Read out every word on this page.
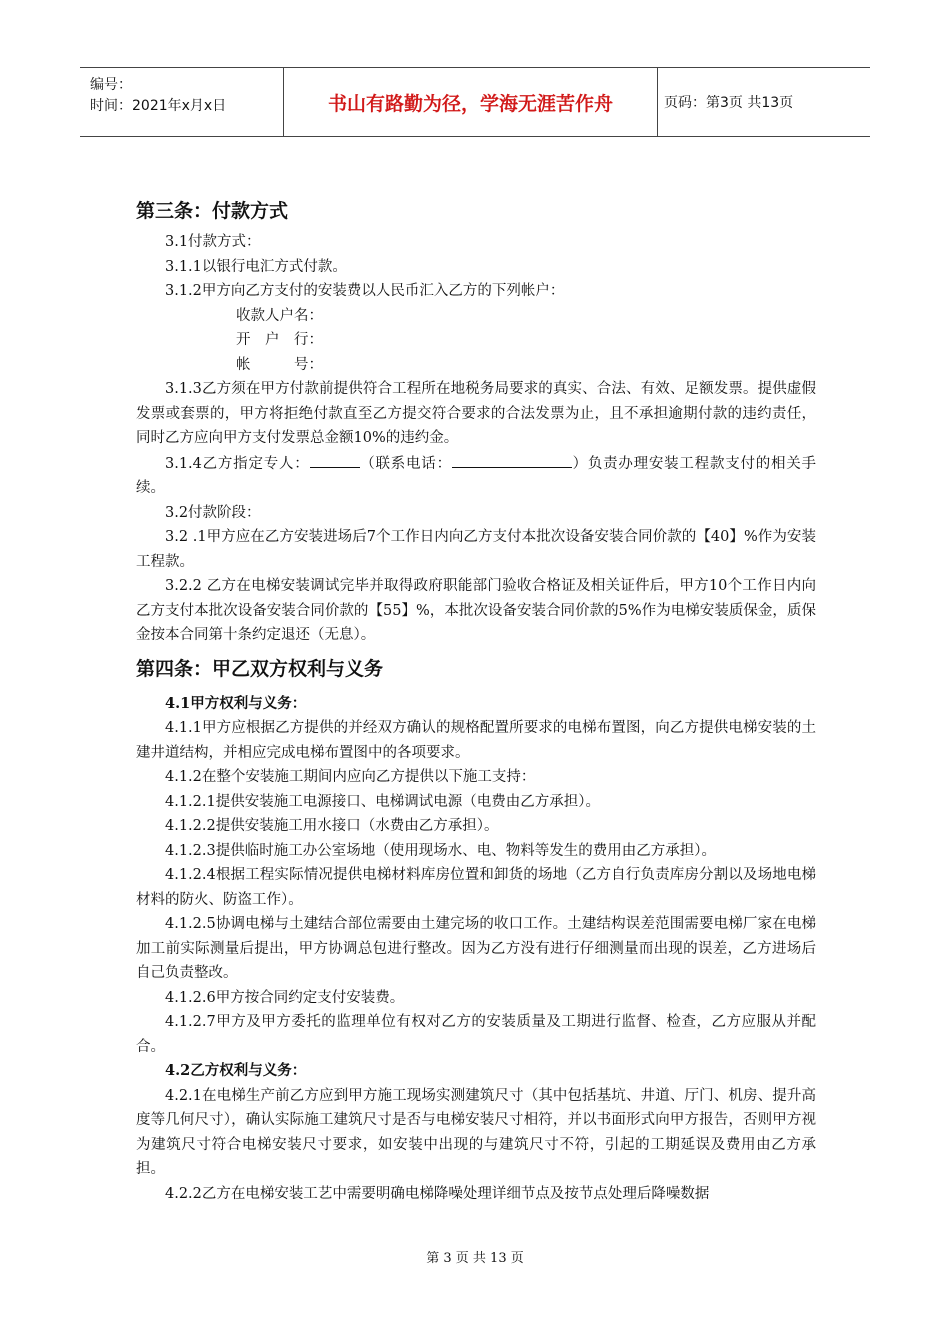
编号：
时间：2021年x月x日	书山有路勤为径，学海无涯苦作舟	页码：第3页 共13页
第三条：付款方式

3.1付款方式：

3.1.1以银行电汇方式付款。

3.1.2甲方向乙方支付的安装费以人民币汇入乙方的下列帐户：

收款人户名：

开　户　行：

帐　　　号：

3.1.3乙方须在甲方付款前提供符合工程所在地税务局要求的真实、合法、有效、足额发票。提供虚假发票或套票的，甲方将拒绝付款直至乙方提交符合要求的合法发票为止，且不承担逾期付款的违约责任，同时乙方应向甲方支付发票总金额10%的违约金。

3.1.4乙方指定专人：	（联系电话：	）负责办理安装工程款支付的相关手续。

3.2付款阶段：

3.2 .1甲方应在乙方安装进场后7个工作日内向乙方支付本批次设备安装合同价款的【40】%作为安装工程款。

3.2.2 乙方在电梯安装调试完毕并取得政府职能部门验收合格证及相关证件后，甲方10个工作日内向乙方支付本批次设备安装合同价款的【55】%，本批次设备安装合同价款的5%作为电梯安装质保金，质保金按本合同第十条约定退还（无息）。

第四条：甲乙双方权利与义务

4.1甲方权利与义务：

4.1.1甲方应根据乙方提供的并经双方确认的规格配置所要求的电梯布置图，向乙方提供电梯安装的土建井道结构，并相应完成电梯布置图中的各项要求。

4.1.2在整个安装施工期间内应向乙方提供以下施工支持：

4.1.2.1提供安装施工电源接口、电梯调试电源（电费由乙方承担）。

4.1.2.2提供安装施工用水接口（水费由乙方承担）。

4.1.2.3提供临时施工办公室场地（使用现场水、电、物料等发生的费用由乙方承担）。

4.1.2.4根据工程实际情况提供电梯材料库房位置和卸货的场地（乙方自行负责库房分割以及场地电梯材料的防火、防盗工作）。

4.1.2.5协调电梯与土建结合部位需要由土建完场的收口工作。土建结构误差范围需要电梯厂家在电梯加工前实际测量后提出，甲方协调总包进行整改。因为乙方没有进行仔细测量而出现的误差，乙方进场后自己负责整改。

4.1.2.6甲方按合同约定支付安装费。

4.1.2.7甲方及甲方委托的监理单位有权对乙方的安装质量及工期进行监督、检查，乙方应服从并配合。

4.2乙方权利与义务：

4.2.1在电梯生产前乙方应到甲方施工现场实测建筑尺寸（其中包括基坑、井道、厅门、机房、提升高度等几何尺寸），确认实际施工建筑尺寸是否与电梯安装尺寸相符，并以书面形式向甲方报告，否则甲方视为建筑尺寸符合电梯安装尺寸要求，如安装中出现的与建筑尺寸不符，引起的工期延误及费用由乙方承担。

4.2.2乙方在电梯安装工艺中需要明确电梯降噪处理详细节点及按节点处理后降噪数据

第 3 页 共 13 页
